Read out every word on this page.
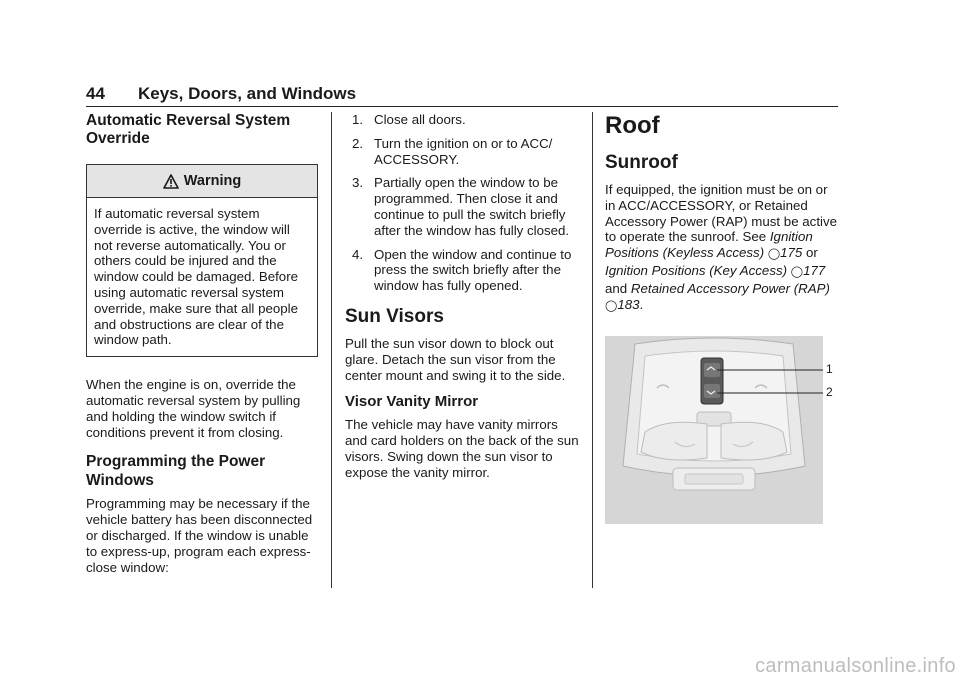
44 Keys, Doors, and Windows
Automatic Reversal System Override
Warning
If automatic reversal system override is active, the window will not reverse automatically. You or others could be injured and the window could be damaged. Before using automatic reversal system override, make sure that all people and obstructions are clear of the window path.
When the engine is on, override the automatic reversal system by pulling and holding the window switch if conditions prevent it from closing.
Programming the Power Windows
Programming may be necessary if the vehicle battery has been disconnected or discharged. If the window is unable to express-up, program each express-close window:
1. Close all doors.
2. Turn the ignition on or to ACC/ ACCESSORY.
3. Partially open the window to be programmed. Then close it and continue to pull the switch briefly after the window has fully closed.
4. Open the window and continue to press the switch briefly after the window has fully opened.
Sun Visors
Pull the sun visor down to block out glare. Detach the sun visor from the center mount and swing it to the side.
Visor Vanity Mirror
The vehicle may have vanity mirrors and card holders on the back of the sun visors. Swing down the sun visor to expose the vanity mirror.
Roof
Sunroof
If equipped, the ignition must be on or in ACC/ACCESSORY, or Retained Accessory Power (RAP) must be active to operate the sunroof. See Ignition Positions (Keyless Access) ◯175 or Ignition Positions (Key Access) ◯177 and Retained Accessory Power (RAP) ◯183.
1
2
carmanualsonline.info
